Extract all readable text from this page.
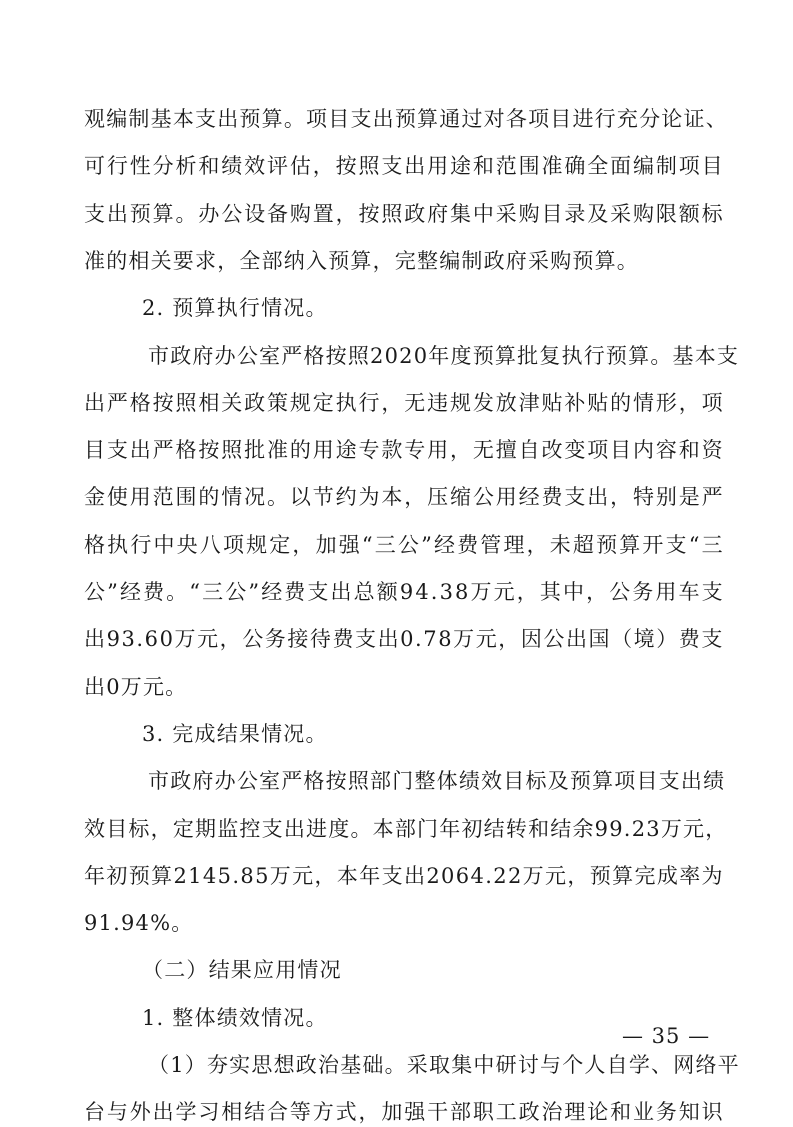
观 编 制 基 本 支 出 预 算 。 项 目 支 出 预 算 通 过 对 各 项 目 进 行 充 分 论 证 、
可 行 性 分 析 和 绩 效 评 估 ， 按 照 支 出 用 途 和 范 围 准 确 全 面 编 制 项 目
支 出 预 算 。 办 公 设 备 购 置 ， 按 照 政 府 集 中 采 购 目 录 及 采 购 限 额 标
准的相关要求，全部纳入预算，完整编制政府采购预算。
2. 预算执行情况。
市 政 府 办 公 室 严 格 按 照 2 0 2 0 年 度 预 算 批 复 执 行 预 算 。 基 本 支
出 严 格 按 照 相 关 政 策 规 定 执 行 ， 无 违 规 发 放 津 贴 补 贴 的 情 形 ， 项
目 支 出 严 格 按 照 批 准 的 用 途 专 款 专 用 ， 无 擅 自 改 变 项 目 内 容 和 资
金 使 用 范 围 的 情 况 。 以 节 约 为 本 ， 压 缩 公 用 经 费 支 出 ， 特 别 是 严
格 执 行 中 央 八 项 规 定 ， 加 强 “ 三 公 ” 经 费 管 理 ， 未 超 预 算 开 支 “ 三
公 ” 经 费 。 “ 三 公 ” 经 费 支 出 总 额 9 4 . 3 8 万 元 ， 其 中 ， 公 务 用 车 支
出 9 3 . 6 0 万 元 ， 公 务 接 待 费 支 出 0 . 7 8 万 元 ， 因 公 出 国 （ 境 ） 费 支
出0万元。
3. 完成结果情况。
市 政 府 办 公 室 严 格 按 照 部 门 整 体 绩 效 目 标 及 预 算 项 目 支 出 绩
效 目 标 ， 定 期 监 控 支 出 进 度 。 本 部 门 年 初 结 转 和 结 余 9 9 . 2 3 万 元 ，
年 初 预 算 2 1 4 5 . 8 5 万 元 ， 本 年 支 出 2 0 6 4 . 2 2 万 元 ， 预 算 完 成 率 为
91.94%。
（二）结果应用情况
1. 整体绩效情况。
（ 1 ） 夯 实 思 想 政 治 基 础 。 采 取 集 中 研 讨 与 个 人 自 学 、 网 络 平
台 与 外 出 学 习 相 结 合 等 方 式 ， 加 强 干 部 职 工 政 治 理 论 和 业 务 知 识
— 35 —
